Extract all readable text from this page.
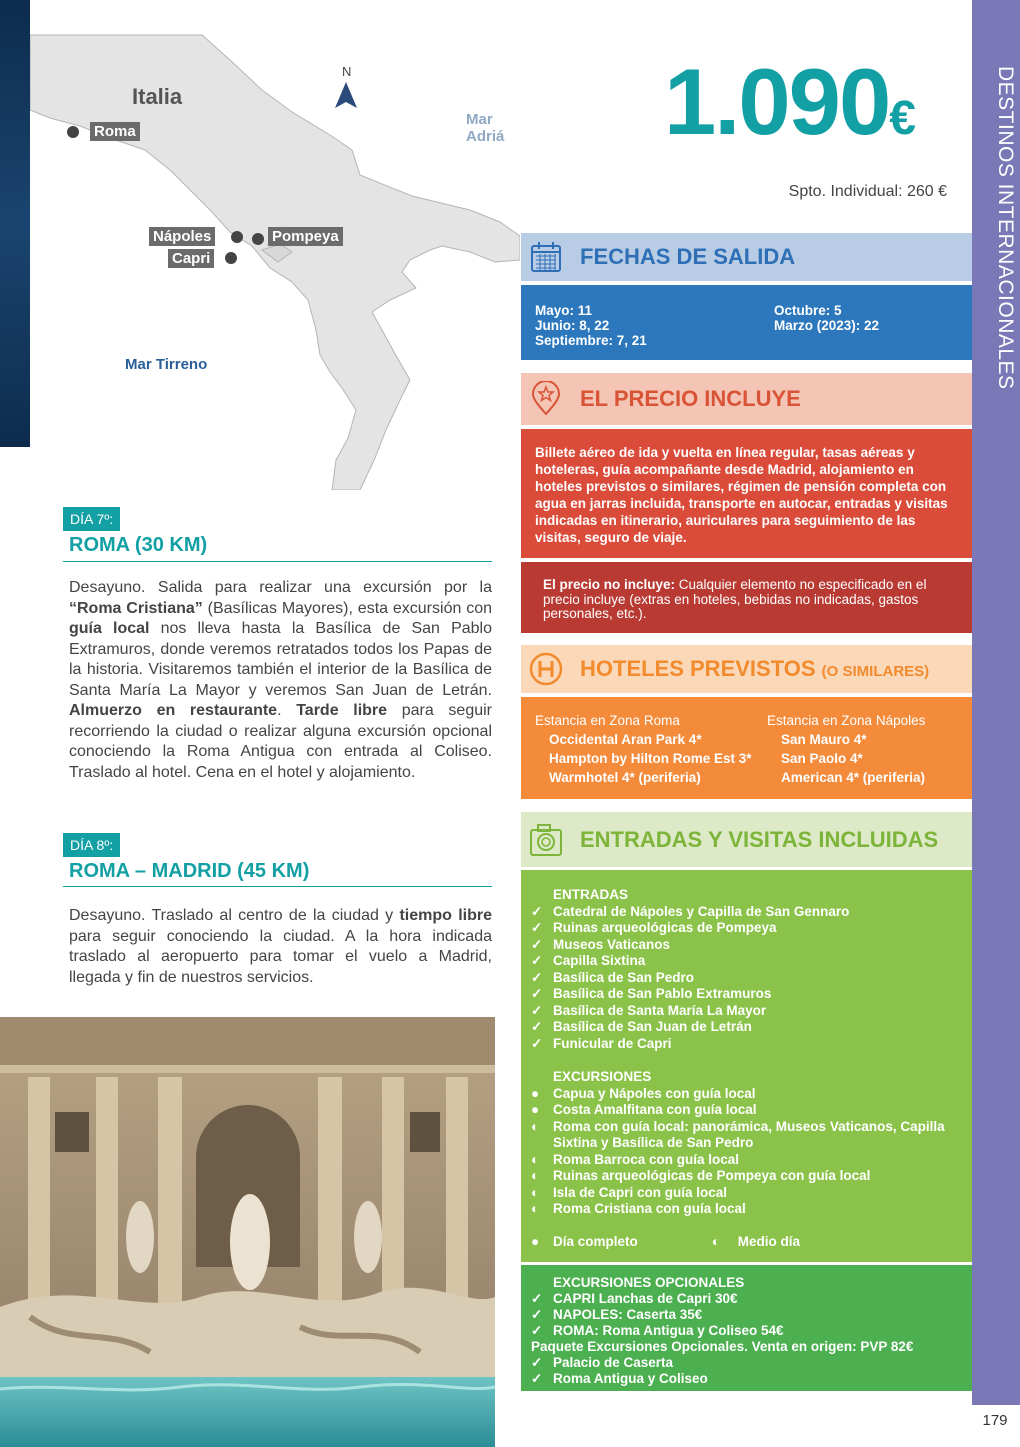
DESTINOS INTERNACIONALES
179
Italia
Roma
Nápoles	Pompeya
Capri
Mar Adriá
Mar Tirreno
N	1.090€
Spto. Individual: 260 €
FECHAS DE SALIDA
Mayo: 11
Junio: 8, 22
Septiembre: 7, 21
Octubre: 5
Marzo (2023): 22
EL PRECIO INCLUYE
Billete aéreo de ida y vuelta en línea regular, tasas aéreas y hoteleras, guía acompañante desde Madrid, alojamiento en hoteles previstos o similares, régimen de pensión completa con agua en jarras incluida, transporte en autocar, entradas y visitas indicadas en itinerario, auriculares para seguimiento de las visitas, seguro de viaje.
El precio no incluye: Cualquier elemento no especificado en el precio incluye (extras en hoteles, bebidas no indicadas, gastos personales, etc.).
HOTELES PREVISTOS (O SIMILARES)
Estancia en Zona Roma
Occidental Aran Park 4*
Hampton by Hilton Rome Est 3*
Warmhotel 4* (periferia)
Estancia en Zona Nápoles
San Mauro 4*
San Paolo 4*
American 4* (periferia)
ENTRADAS Y VISITAS INCLUIDAS
ENTRADAS
✓ Catedral de Nápoles y Capilla de San Gennaro
✓ Ruinas arqueológicas de Pompeya
✓ Museos Vaticanos
✓ Capilla Sixtina
✓ Basílica de San Pedro
✓ Basílica de San Pablo Extramuros
✓ Basílica de Santa María La Mayor
✓ Basílica de San Juan de Letrán
✓ Funicular de Capri
EXCURSIONES
●	Capua y Nápoles con guía local
●	Costa Amalfitana con guía local
◐	Roma con guía local: panorámica, Museos Vaticanos, Capilla Sixtina y Basílica de San Pedro
◐	Roma Barroca con guía local
◐	Ruinas arqueológicas de Pompeya con guía local
◐	Isla de Capri con guía local
◐	Roma Cristiana con guía local
●	Día completo	◐	Medio día
EXCURSIONES OPCIONALES
✓ CAPRI Lanchas de Capri 30€
✓ NAPOLES: Caserta 35€
✓ ROMA: Roma Antigua y Coliseo 54€
Paquete Excursiones Opcionales. Venta en origen: PVP 82€
✓ Palacio de Caserta
✓ Roma Antigua y Coliseo
DÍA 7º:
ROMA (30 KM)
Desayuno. Salida para realizar una excursión por la “Roma Cristiana” (Basílicas Mayores), esta excursión con guía local nos lleva hasta la Basílica de San Pablo Extramuros, donde veremos retratados todos los Papas de la historia. Visitaremos también el interior de la Basílica de Santa María La Mayor y veremos San Juan de Letrán. Almuerzo en restaurante. Tarde libre para seguir recorriendo la ciudad o realizar alguna excursión opcional conociendo la Roma Antigua con entrada al Coliseo. Traslado al hotel. Cena en el hotel y alojamiento.
DÍA 8º:
ROMA – MADRID (45 KM)
Desayuno. Traslado al centro de la ciudad y tiempo libre para seguir conociendo la ciudad. A la hora indicada traslado al aeropuerto para tomar el vuelo a Madrid, llegada y fin de nuestros servicios.
